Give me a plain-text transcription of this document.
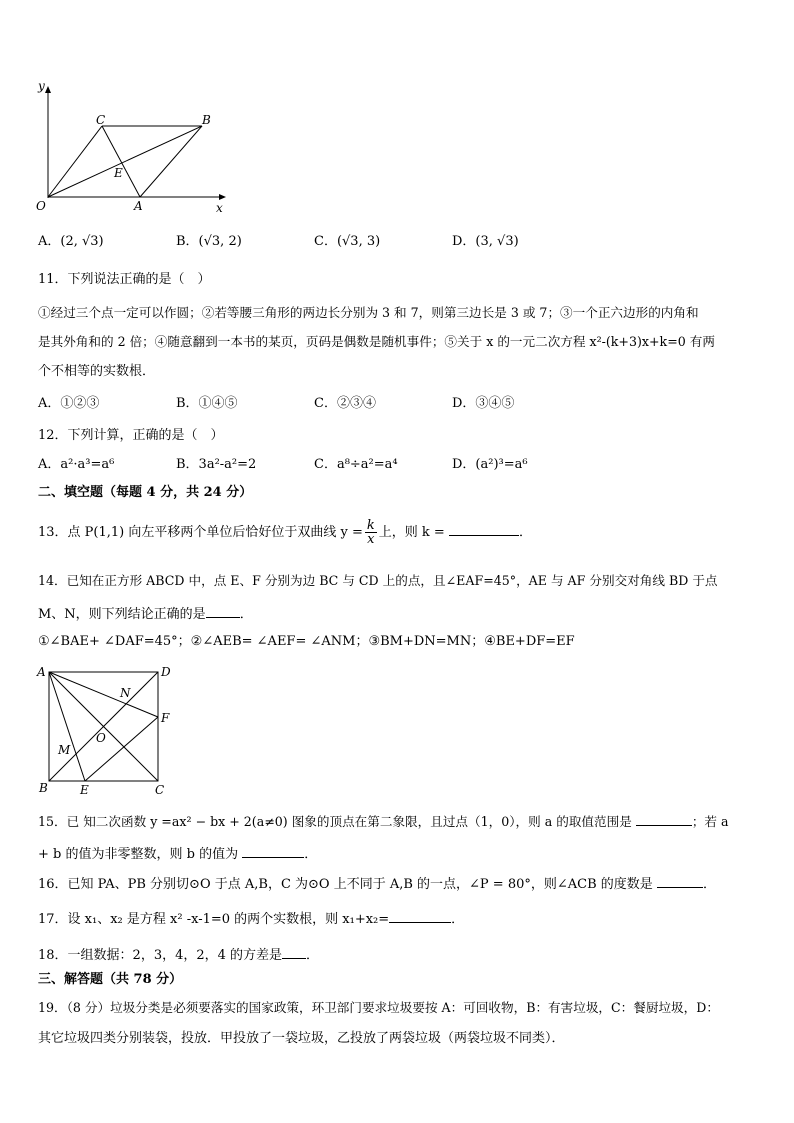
y
x
O	A
B
C
E
A．(2, √3)	B．(√3, 2)	C．(√3, 3)	D．(3, √3)
11．下列说法正确的是（　）
①经过三个点一定可以作圆；②若等腰三角形的两边长分别为 3 和 7，则第三边长是 3 或 7；③一个正六边形的内角和
是其外角和的 2 倍；④随意翻到一本书的某页，页码是偶数是随机事件；⑤关于 x 的一元二次方程 x²-(k+3)x+k=0 有两
个不相等的实数根．
A．①②③	B．①④⑤	C．②③④	D．③④⑤
12．下列计算，正确的是（　）
A．a²·a³=a⁶	B．3a²-a²=2	C．a⁸÷a²=a⁴	D．(a²)³=a⁶
二、填空题（每题 4 分，共 24 分）
13．点 P(1,1) 向左平移两个单位后恰好位于双曲线 $y = \frac{k}{x}$ 上，则 k =	．
14．已知在正方形 ABCD 中，点 E、F 分别为边 BC 与 CD 上的点，且∠EAF=45°，AE 与 AF 分别交对角线 BD 于点
M、N，则下列结论正确的是	．
①∠BAE+ ∠DAF=45°；②∠AEB= ∠AEF= ∠ANM；③BM+DN=MN；④BE+DF=EF
A	D
B	C
E
F
M
N
O
15．已 知二次函数 y =ax² − bx + 2(a≠0) 图象的顶点在第二象限，且过点（1，0），则 a 的取值范围是	；若 a
+ b 的值为非零整数，则 b 的值为	．
16．已知 PA、PB 分别切⊙O 于点 A,B，C 为⊙O 上不同于 A,B 的一点，∠P = 80°，则∠ACB 的度数是	．
17．设 x₁、x₂ 是方程 x² -x-1=0 的两个实数根，则 x₁+x₂=	．
18．一组数据：2，3，4，2，4 的方差是 ．
三、解答题（共 78 分）
19．（8 分）垃圾分类是必须要落实的国家政策，环卫部门要求垃圾要按 A：可回收物，B：有害垃圾，C：餐厨垃圾，D：
其它垃圾四类分别装袋，投放．甲投放了一袋垃圾，乙投放了两袋垃圾（两袋垃圾不同类）．
